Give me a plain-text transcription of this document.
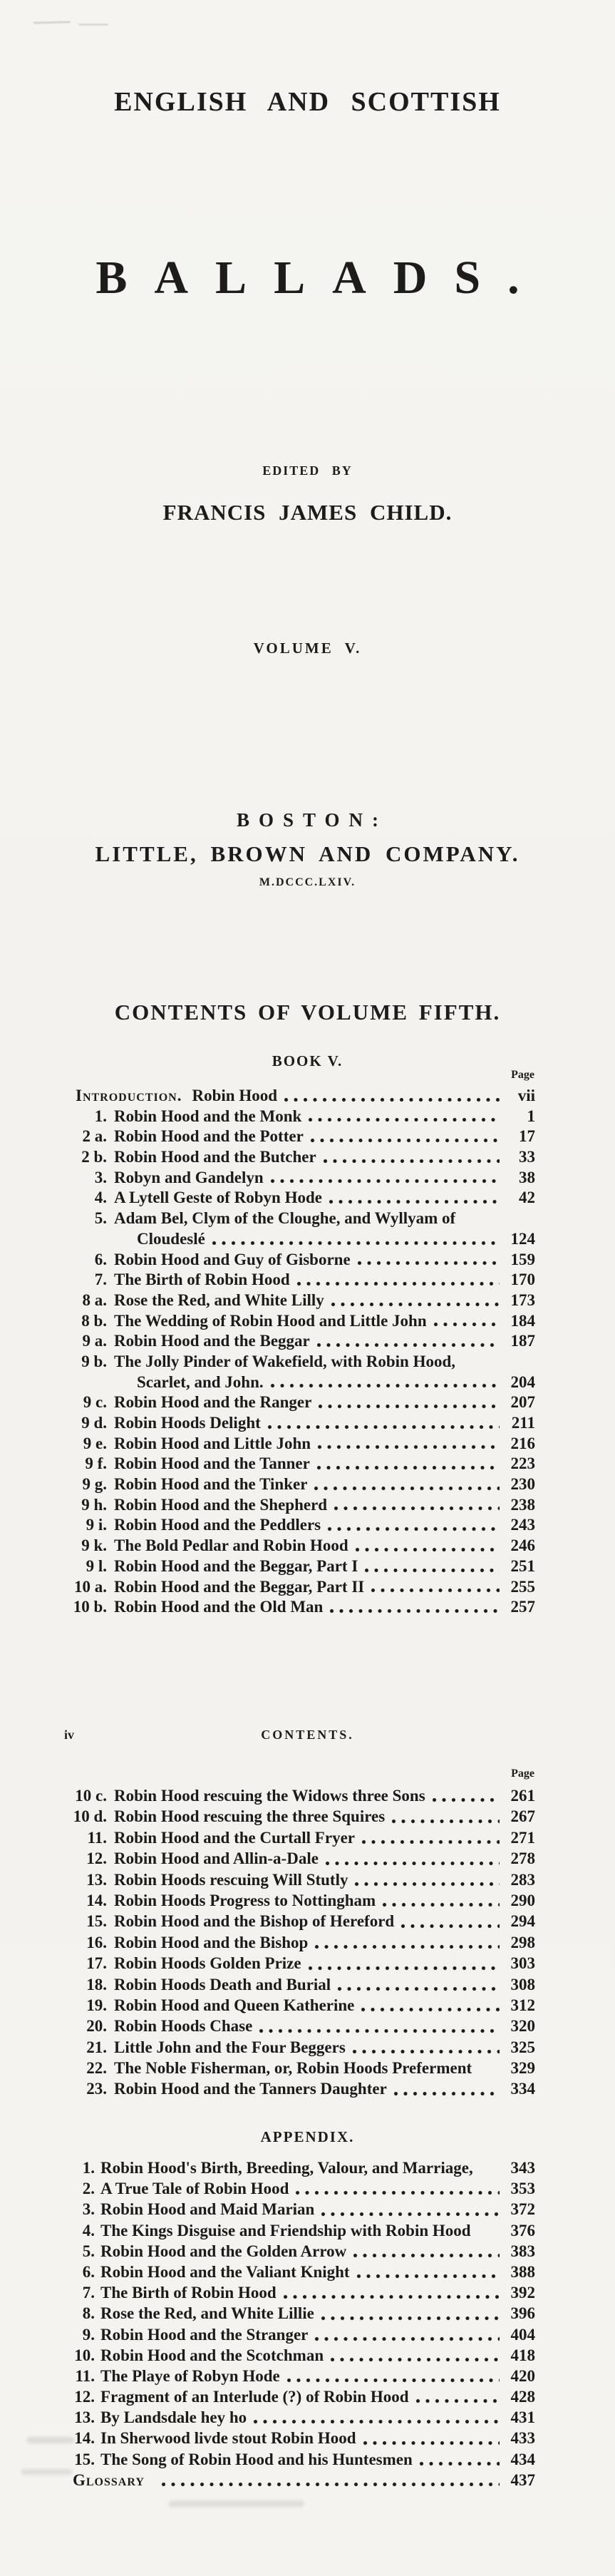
ENGLISH AND SCOTTISH
BALLADS.
EDITED BY
FRANCIS JAMES CHILD.
VOLUME V.
BOSTON:
LITTLE, BROWN AND COMPANY.
M.DCCC.LXIV.
CONTENTS OF VOLUME FIFTH.
BOOK V.
Page
Introduction. Robin Hood	vii
1. Robin Hood and the Monk	1
2 a. Robin Hood and the Potter	17
2 b. Robin Hood and the Butcher	33
3. Robyn and Gandelyn	38
4. A Lytell Geste of Robyn Hode	42
5. Adam Bel, Clym of the Cloughe, and Wyllyam of
Cloudeslé	124
6. Robin Hood and Guy of Gisborne	159
7. The Birth of Robin Hood	170
8 a. Rose the Red, and White Lilly	173
8 b. The Wedding of Robin Hood and Little John	184
9 a. Robin Hood and the Beggar	187
9 b. The Jolly Pinder of Wakefield, with Robin Hood,
Scarlet, and John.	204
9 c. Robin Hood and the Ranger	207
9 d. Robin Hoods Delight	211
9 e. Robin Hood and Little John	216
9 f. Robin Hood and the Tanner	223
9 g. Robin Hood and the Tinker	230
9 h. Robin Hood and the Shepherd	238
9 i. Robin Hood and the Peddlers	243
9 k. The Bold Pedlar and Robin Hood	246
9 l. Robin Hood and the Beggar, Part I	251
10 a. Robin Hood and the Beggar, Part II	255
10 b. Robin Hood and the Old Man	257
iv	CONTENTS.
Page
10 c. Robin Hood rescuing the Widows three Sons	261
10 d. Robin Hood rescuing the three Squires	267
11. Robin Hood and the Curtall Fryer	271
12. Robin Hood and Allin-a-Dale	278
13. Robin Hoods rescuing Will Stutly	283
14. Robin Hoods Progress to Nottingham	290
15. Robin Hood and the Bishop of Hereford	294
16. Robin Hood and the Bishop	298
17. Robin Hoods Golden Prize	303
18. Robin Hoods Death and Burial	308
19. Robin Hood and Queen Katherine	312
20. Robin Hoods Chase	320
21. Little John and the Four Beggers	325
22. The Noble Fisherman, or, Robin Hoods Preferment	329
23. Robin Hood and the Tanners Daughter	334
APPENDIX.
1. Robin Hood's Birth, Breeding, Valour, and Marriage,	343
2. A True Tale of Robin Hood	353
3. Robin Hood and Maid Marian	372
4. The Kings Disguise and Friendship with Robin Hood	376
5. Robin Hood and the Golden Arrow	383
6. Robin Hood and the Valiant Knight	388
7. The Birth of Robin Hood	392
8. Rose the Red, and White Lillie	396
9. Robin Hood and the Stranger	404
10. Robin Hood and the Scotchman	418
11. The Playe of Robyn Hode	420
12. Fragment of an Interlude (?) of Robin Hood	428
13. By Landsdale hey ho	431
14. In Sherwood livde stout Robin Hood	433
15. The Song of Robin Hood and his Huntesmen	434
Glossary	437
